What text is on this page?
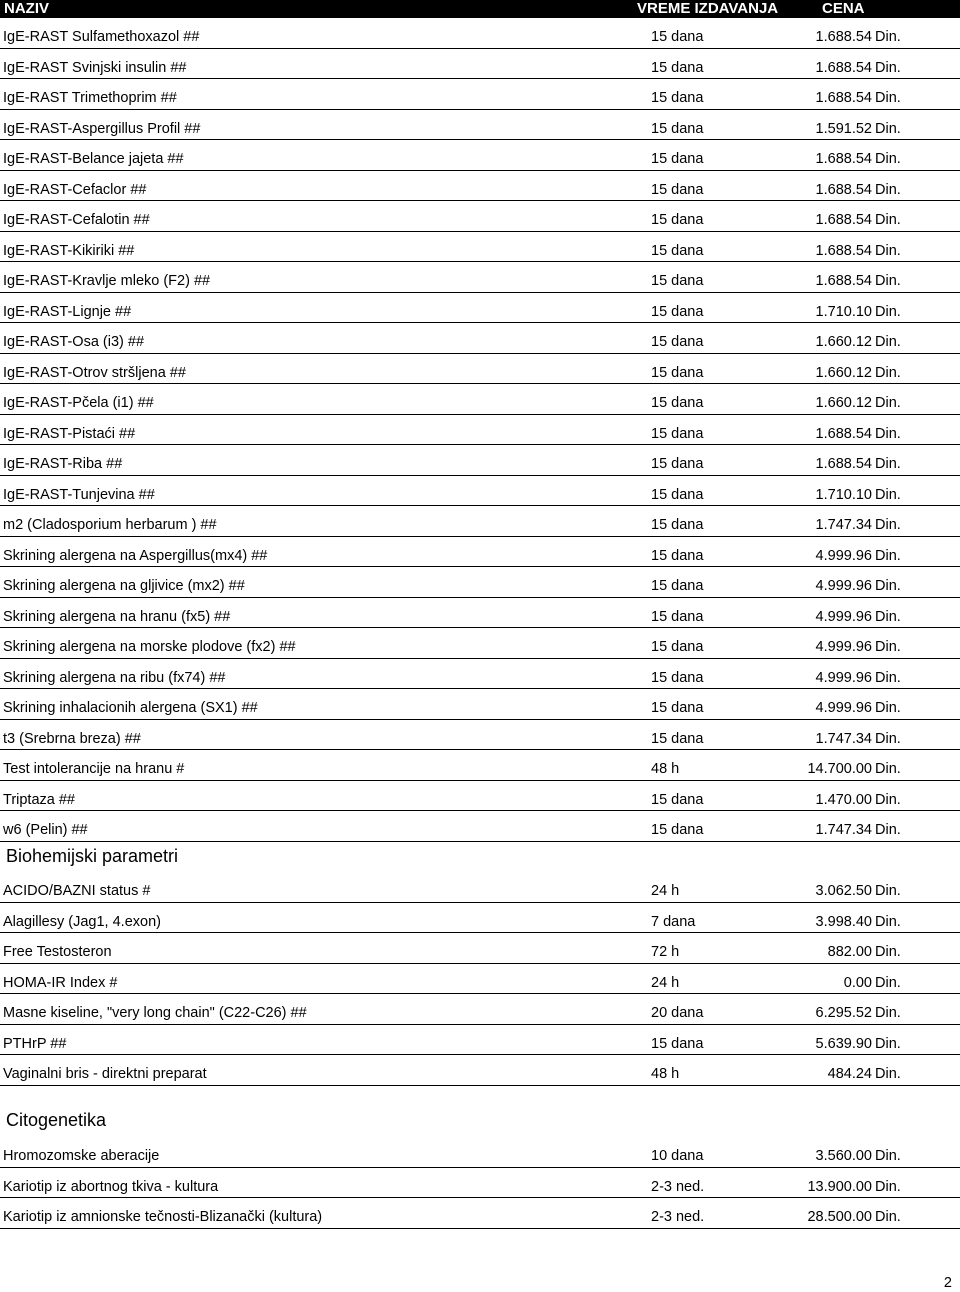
NAZIV	VREME IZDAVANJA	CENA
IgE-RAST Sulfamethoxazol ##	15 dana	1.688.54 Din.
IgE-RAST Svinjski insulin ##	15 dana	1.688.54 Din.
IgE-RAST Trimethoprim ##	15 dana	1.688.54 Din.
IgE-RAST-Aspergillus Profil ##	15 dana	1.591.52 Din.
IgE-RAST-Belance jajeta ##	15 dana	1.688.54 Din.
IgE-RAST-Cefaclor ##	15 dana	1.688.54 Din.
IgE-RAST-Cefalotin ##	15 dana	1.688.54 Din.
IgE-RAST-Kikiriki ##	15 dana	1.688.54 Din.
IgE-RAST-Kravlje mleko (F2) ##	15 dana	1.688.54 Din.
IgE-RAST-Lignje ##	15 dana	1.710.10 Din.
IgE-RAST-Osa (i3) ##	15 dana	1.660.12 Din.
IgE-RAST-Otrov stršljena ##	15 dana	1.660.12 Din.
IgE-RAST-Pčela (i1) ##	15 dana	1.660.12 Din.
IgE-RAST-Pistaći ##	15 dana	1.688.54 Din.
IgE-RAST-Riba ##	15 dana	1.688.54 Din.
IgE-RAST-Tunjevina ##	15 dana	1.710.10 Din.
m2 (Cladosporium herbarum ) ##	15 dana	1.747.34 Din.
Skrining alergena na Aspergillus(mx4) ##	15 dana	4.999.96 Din.
Skrining alergena na gljivice (mx2) ##	15 dana	4.999.96 Din.
Skrining alergena na hranu (fx5) ##	15 dana	4.999.96 Din.
Skrining alergena na morske plodove (fx2) ##	15 dana	4.999.96 Din.
Skrining alergena na ribu (fx74) ##	15 dana	4.999.96 Din.
Skrining inhalacionih alergena (SX1) ##	15 dana	4.999.96 Din.
t3 (Srebrna breza) ##	15 dana	1.747.34 Din.
Test intolerancije na hranu #	48 h	14.700.00 Din.
Triptaza ##	15 dana	1.470.00 Din.
w6 (Pelin) ##	15 dana	1.747.34 Din.
Biohemijski parametri
ACIDO/BAZNI status #	24 h	3.062.50 Din.
Alagillesy (Jag1, 4.exon)	7 dana	3.998.40 Din.
Free Testosteron	72 h	882.00 Din.
HOMA-IR Index #	24 h	0.00 Din.
Masne kiseline, "very long chain" (C22-C26) ##	20 dana	6.295.52 Din.
PTHrP ##	15 dana	5.639.90 Din.
Vaginalni bris - direktni preparat	48 h	484.24 Din.
Citogenetika
Hromozomske aberacije	10 dana	3.560.00 Din.
Kariotip iz abortnog tkiva - kultura	2-3 ned.	13.900.00 Din.
Kariotip iz amnionske tečnosti-Blizanački (kultura)	2-3 ned.	28.500.00 Din.
2
